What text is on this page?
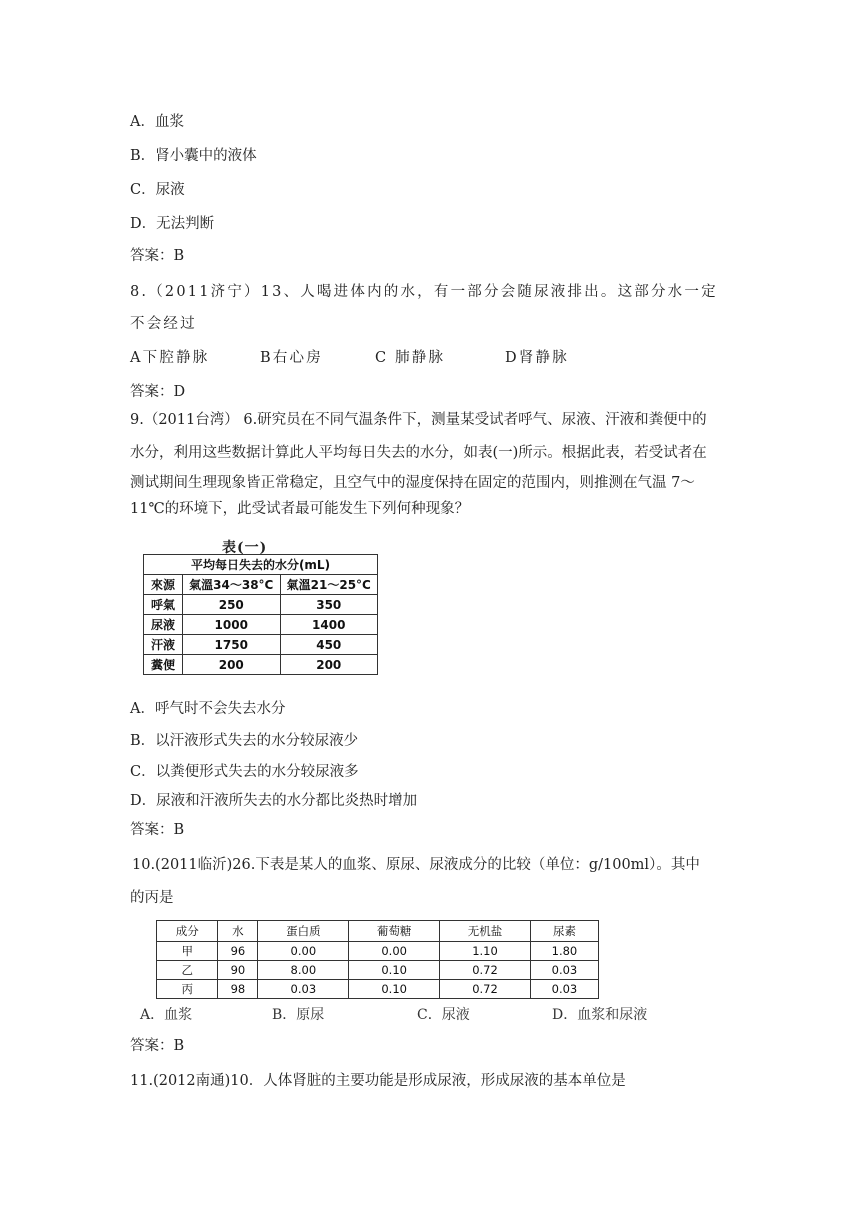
A．血浆
B．肾小囊中的液体
C．尿液
D．无法判断
答案：B
8.（2011济宁）13、人喝进体内的水，有一部分会随尿液排出。这部分水一定
不会经过
A下腔静脉	B右心房	C 肺静脉	D肾静脉
答案：D
9.（2011台湾） 6.研究员在不同气温条件下，测量某受试者呼气、尿液、汗液和粪便中的
水分，利用这些数据计算此人平均每日失去的水分，如表(一)所示。根据此表，若受试者在
测试期间生理现象皆正常稳定，且空气中的湿度保持在固定的范围内，则推测在气温 7～
11℃的环境下，此受试者最可能发生下列何种现象？
表(一)
平均每日失去的水分(mL)		
來源	氣溫34～38°C	氣溫21～25°C
呼氣	250	350
尿液	1000	1400
汗液	1750	450
糞便	200	200
A．呼气时不会失去水分
B．以汗液形式失去的水分较尿液少
C．以粪便形式失去的水分较尿液多
D．尿液和汗液所失去的水分都比炎热时增加
答案：B
10.(2011临沂)26.下表是某人的血浆、原尿、尿液成分的比较（单位：g/100ml）。其中
的丙是
成分	水	蛋白质	葡萄糖	无机盐	尿素
甲	96	0.00	0.00	1.10	1.80
乙	90	8.00	0.10	0.72	0.03
丙	98	0.03	0.10	0.72	0.03
A．血浆	B．原尿	C．尿液	D．血浆和尿液
答案：B
11.(2012南通)10．人体肾脏的主要功能是形成尿液，形成尿液的基本单位是
